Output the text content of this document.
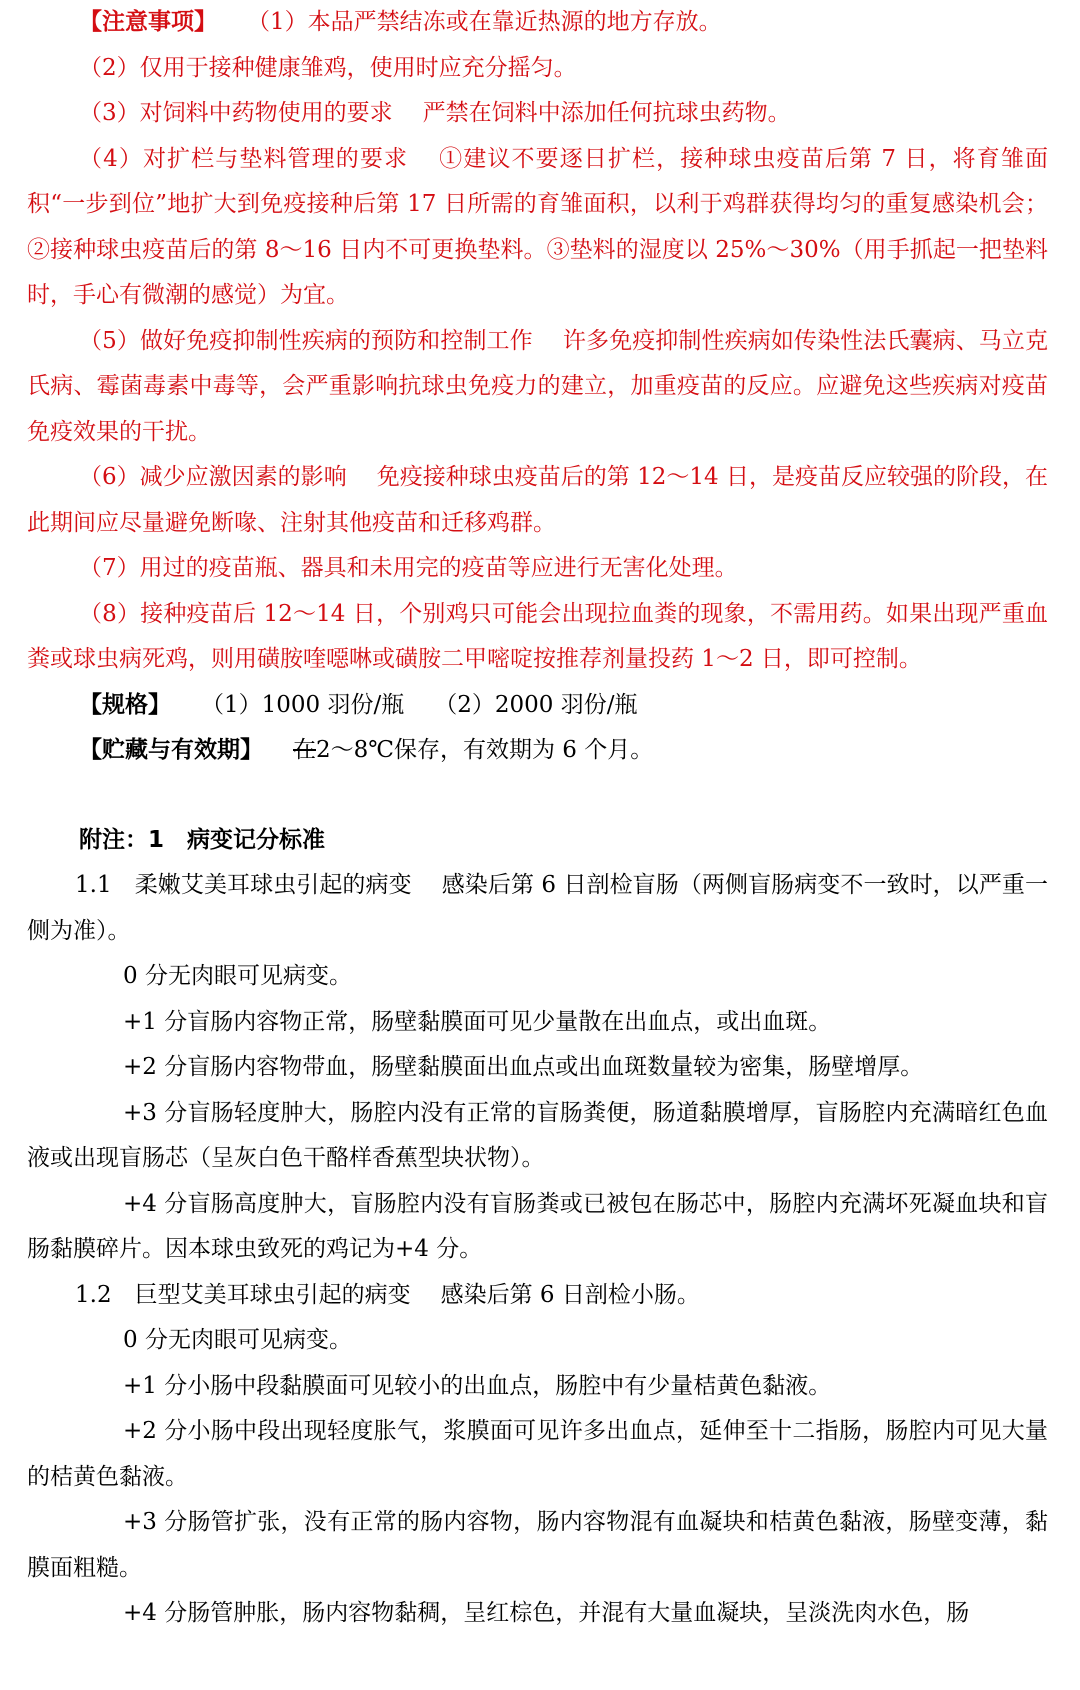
【注意事项】 （1）本品严禁结冻或在靠近热源的地方存放。

（2）仅用于接种健康雏鸡，使用时应充分摇匀。

（3）对饲料中药物使用的要求 严禁在饲料中添加任何抗球虫药物。

（4）对扩栏与垫料管理的要求 ①建议不要逐日扩栏，接种球虫疫苗后第 7 日，将育雏面积“一步到位”地扩大到免疫接种后第 17 日所需的育雏面积，以利于鸡群获得均匀的重复感染机会；②接种球虫疫苗后的第 8～16 日内不可更换垫料。③垫料的湿度以 25%～30%（用手抓起一把垫料时，手心有微潮的感觉）为宜。

（5）做好免疫抑制性疾病的预防和控制工作 许多免疫抑制性疾病如传染性法氏囊病、马立克氏病、霉菌毒素中毒等，会严重影响抗球虫免疫力的建立，加重疫苗的反应。应避免这些疾病对疫苗免疫效果的干扰。

（6）减少应激因素的影响 免疫接种球虫疫苗后的第 12～14 日，是疫苗反应较强的阶段，在此期间应尽量避免断喙、注射其他疫苗和迁移鸡群。

（7）用过的疫苗瓶、器具和未用完的疫苗等应进行无害化处理。

（8）接种疫苗后 12～14 日，个别鸡只可能会出现拉血粪的现象，不需用药。如果出现严重血粪或球虫病死鸡，则用磺胺喹噁啉或磺胺二甲嘧啶按推荐剂量投药 1～2 日，即可控制。

【规格】 （1）1000 羽份/瓶 （2）2000 羽份/瓶

【贮藏与有效期】 在2～8℃保存，有效期为 6 个月。

附注：1　病变记分标准

1.1　柔嫩艾美耳球虫引起的病变 感染后第 6 日剖检盲肠（两侧盲肠病变不一致时，以严重一侧为准）。

0 分无肉眼可见病变。

+1 分盲肠内容物正常，肠壁黏膜面可见少量散在出血点，或出血斑。

+2 分盲肠内容物带血，肠壁黏膜面出血点或出血斑数量较为密集，肠壁增厚。

+3 分盲肠轻度肿大，肠腔内没有正常的盲肠粪便，肠道黏膜增厚，盲肠腔内充满暗红色血液或出现盲肠芯（呈灰白色干酪样香蕉型块状物）。

+4 分盲肠高度肿大，盲肠腔内没有盲肠粪或已被包在肠芯中，肠腔内充满坏死凝血块和盲肠黏膜碎片。因本球虫致死的鸡记为+4 分。

1.2　巨型艾美耳球虫引起的病变 感染后第 6 日剖检小肠。

0 分无肉眼可见病变。

+1 分小肠中段黏膜面可见较小的出血点，肠腔中有少量桔黄色黏液。

+2 分小肠中段出现轻度胀气，浆膜面可见许多出血点，延伸至十二指肠，肠腔内可见大量的桔黄色黏液。

+3 分肠管扩张，没有正常的肠内容物，肠内容物混有血凝块和桔黄色黏液，肠壁变薄，黏膜面粗糙。

+4 分肠管肿胀，肠内容物黏稠，呈红棕色，并混有大量血凝块，呈淡洗肉水色，肠
